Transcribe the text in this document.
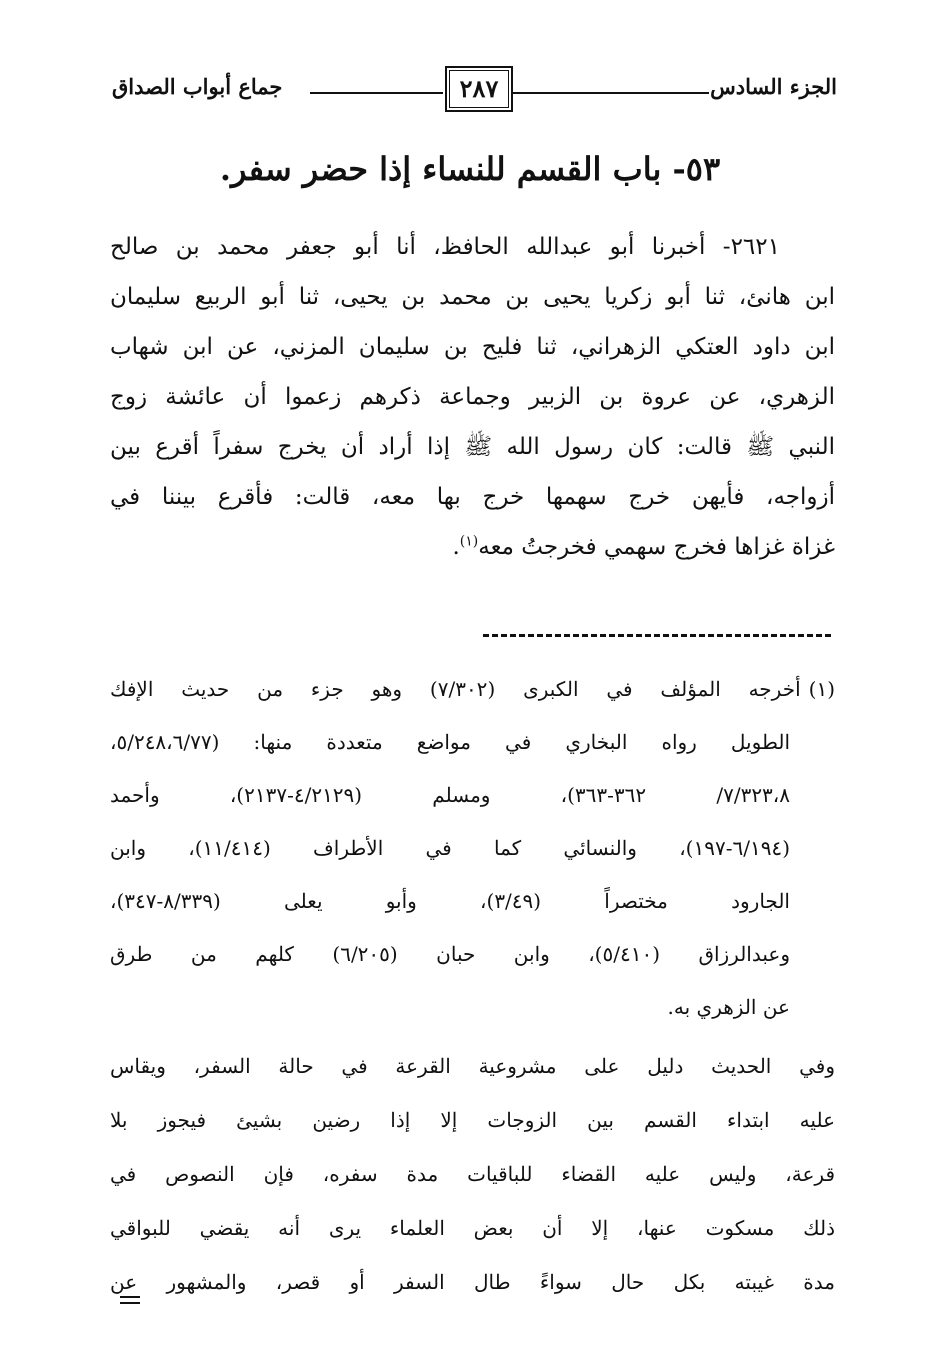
الجزء السادس
٢٨٧
جماع أبواب الصداق
٥٣- باب القسم للنساء إذا حضر سفر.
٢٦٢١- أخبرنا أبو عبدالله الحافظ، أنا أبو جعفر محمد بن صالح
ابن هانئ، ثنا أبو زكريا يحيى بن محمد بن يحيى، ثنا أبو الربيع سليمان
ابن داود العتكي الزهراني، ثنا فليح بن سليمان المزني، عن ابن شهاب
الزهري، عن عروة بن الزبير وجماعة ذكرهم زعموا أن عائشة زوج
النبي ﷺ قالت: كان رسول الله ﷺ إذا أراد أن يخرج سفراً أقرع بين
أزواجه، فأيهن خرج سهمها خرج بها معه، قالت: فأقرع بيننا في
غزاة غزاها فخرج سهمي فخرجتُ معه$^{(١)}$.
(١)أخرجه المؤلف في الكبرى (٧/٣٠٢) وهو جزء من حديث الإفك
الطويل رواه البخاري في مواضع متعددة منها: (٥/٢٤٨،٦/٧٧،
٧/٣٢٣،٨/ ٣٦٢-٣٦٣)، ومسلم (٤/٢١٢٩-٢١٣٧)، وأحمد
(٦/١٩٤-١٩٧)، والنسائي كما في الأطراف (١١/٤١٤)، وابن
الجارود مختصراً (٣/٤٩)، وأبو يعلى (٨/٣٣٩-٣٤٧)،
وعبدالرزاق (٥/٤١٠)، وابن حبان (٦/٢٠٥) كلهم من طرق
عن الزهري به.
وفي الحديث دليل على مشروعية القرعة في حالة السفر، ويقاس
عليه ابتداء القسم بين الزوجات إلا إذا رضين بشيئ فيجوز بلا
قرعة، وليس عليه القضاء للباقيات مدة سفره، فإن النصوص في
ذلك مسكوت عنها، إلا أن بعض العلماء يرى أنه يقضي للبواقي
مدة غيبته بكل حال سواءً طال السفر أو قصر، والمشهور عن
